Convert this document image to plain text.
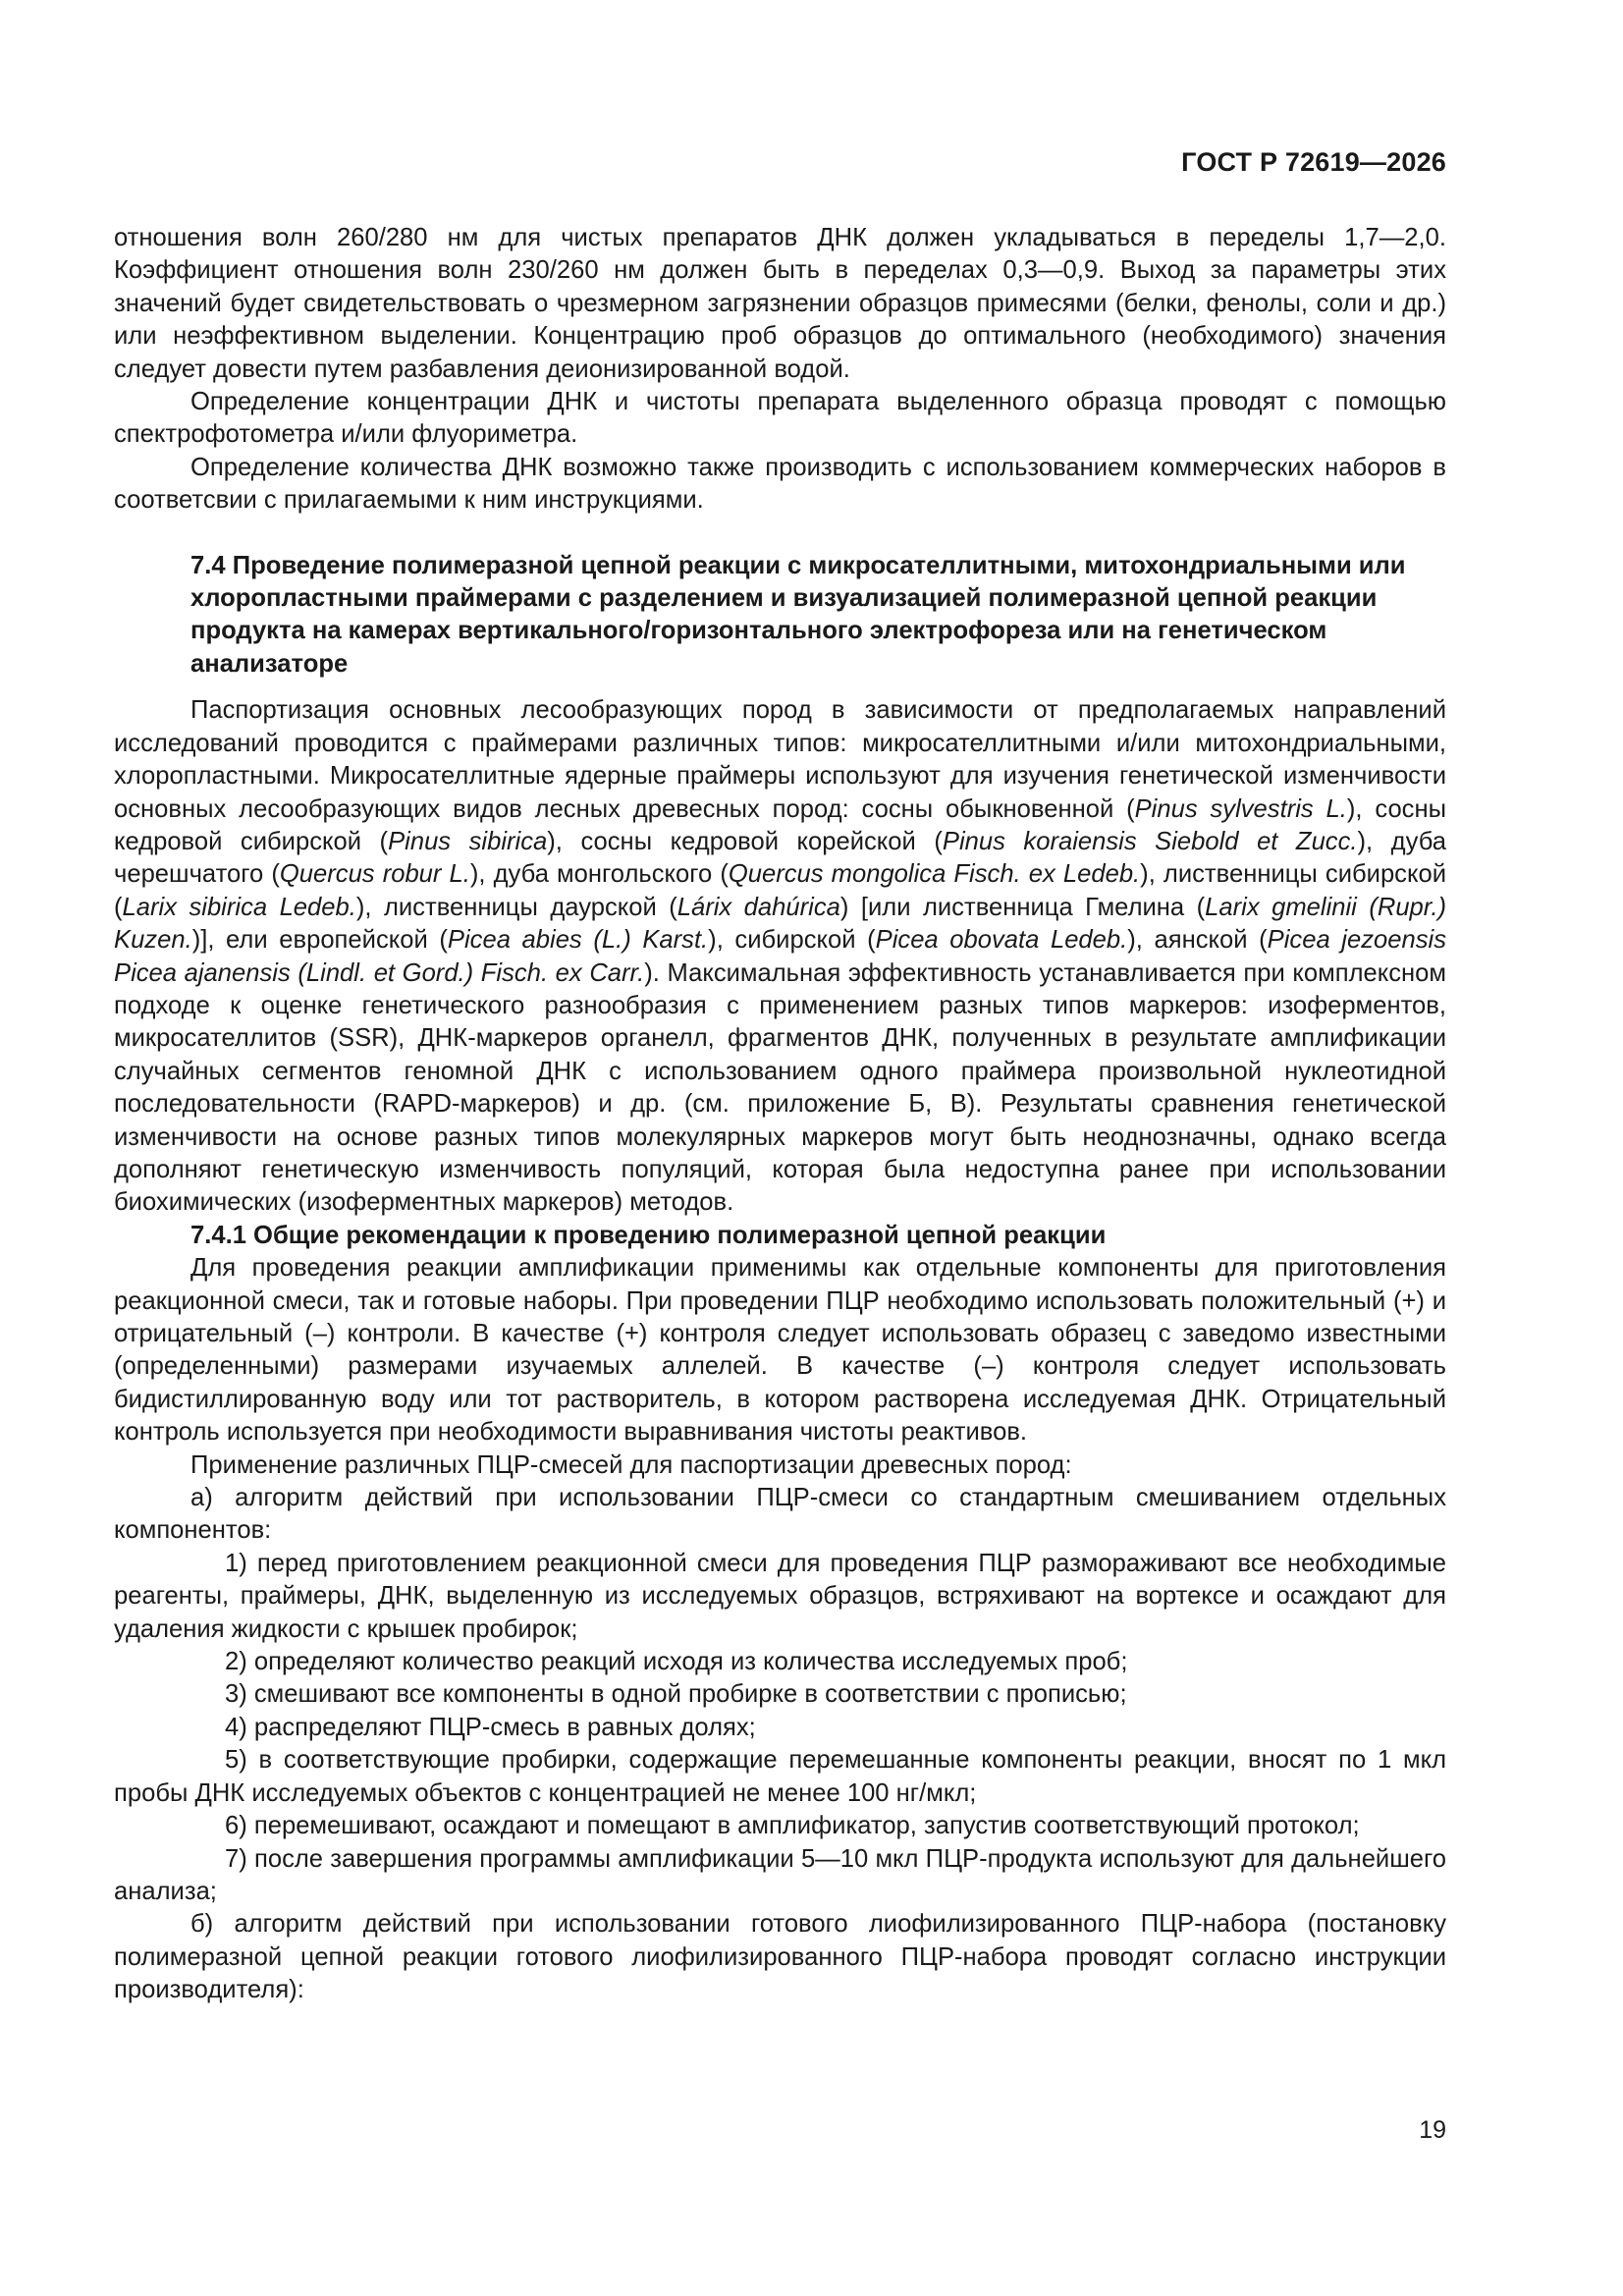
ГОСТ Р 72619—2026

отношения волн 260/280 нм для чистых препаратов ДНК должен укладываться в переделы 1,7—2,0. Коэффициент отношения волн 230/260 нм должен быть в переделах 0,3—0,9. Выход за параметры этих значений будет свидетельствовать о чрезмерном загрязнении образцов примесями (белки, фенолы, соли и др.) или неэффективном выделении. Концентрацию проб образцов до оптимального (необходимого) значения следует довести путем разбавления деионизированной водой.

Определение концентрации ДНК и чистоты препарата выделенного образца проводят с помощью спектрофотометра и/или флуориметра.

Определение количества ДНК возможно также производить с использованием коммерческих наборов в соответсвии с прилагаемыми к ним инструкциями.

7.4 Проведение полимеразной цепной реакции с микросателлитными, митохондриальными или хлоропластными праймерами с разделением и визуализацией полимеразной цепной реакции продукта на камерах вертикального/горизонтального электрофореза или на генетическом анализаторе

Паспортизация основных лесообразующих пород в зависимости от предполагаемых направлений исследований проводится с праймерами различных типов: микросателлитными и/или митохондриальными, хлоропластными. Микросателлитные ядерные праймеры используют для изучения генетической изменчивости основных лесообразующих видов лесных древесных пород: сосны обыкновенной (Pinus sylvestris L.), сосны кедровой сибирской (Pinus sibirica), сосны кедровой корейской (Pinus koraiensis Siebold et Zucc.), дуба черешчатого (Quercus robur L.), дуба монгольского (Quercus mongolica Fisch. ex Ledeb.), лиственницы сибирской (Larix sibirica Ledeb.), лиственницы даурской (Lárix dahúrica) [или лиственница Гмелина (Larix gmelinii (Rupr.) Kuzen.)], ели европейской (Picea abies (L.) Karst.), сибирской (Picea obovata Ledeb.), аянской (Picea jezoensis Picea ajanensis (Lindl. et Gord.) Fisch. ex Carr.). Максимальная эффективность устанавливается при комплексном подходе к оценке генетического разнообразия с применением разных типов маркеров: изоферментов, микросателлитов (SSR), ДНК-маркеров органелл, фрагментов ДНК, полученных в результате амплификации случайных сегментов геномной ДНК с использованием одного праймера произвольной нуклеотидной последовательности (RAPD-маркеров) и др. (см. приложение Б, В). Результаты сравнения генетической изменчивости на основе разных типов молекулярных маркеров могут быть неоднозначны, однако всегда дополняют генетическую изменчивость популяций, которая была недоступна ранее при использовании биохимических (изоферментных маркеров) методов.

7.4.1 Общие рекомендации к проведению полимеразной цепной реакции

Для проведения реакции амплификации применимы как отдельные компоненты для приготовления реакционной смеси, так и готовые наборы. При проведении ПЦР необходимо использовать положительный (+) и отрицательный (–) контроли. В качестве (+) контроля следует использовать образец с заведомо известными (определенными) размерами изучаемых аллелей. В качестве (–) контроля следует использовать бидистиллированную воду или тот растворитель, в котором растворена исследуемая ДНК. Отрицательный контроль используется при необходимости выравнивания чистоты реактивов.

Применение различных ПЦР-смесей для паспортизации древесных пород:

а) алгоритм действий при использовании ПЦР-смеси со стандартным смешиванием отдельных компонентов:

1) перед приготовлением реакционной смеси для проведения ПЦР размораживают все необходимые реагенты, праймеры, ДНК, выделенную из исследуемых образцов, встряхивают на вортексе и осаждают для удаления жидкости с крышек пробирок;

2) определяют количество реакций исходя из количества исследуемых проб;

3) смешивают все компоненты в одной пробирке в соответствии с прописью;

4) распределяют ПЦР-смесь в равных долях;

5) в соответствующие пробирки, содержащие перемешанные компоненты реакции, вносят по 1 мкл пробы ДНК исследуемых объектов с концентрацией не менее 100 нг/мкл;

6) перемешивают, осаждают и помещают в амплификатор, запустив соответствующий протокол;

7) после завершения программы амплификации 5—10 мкл ПЦР-продукта используют для дальнейшего анализа;

б) алгоритм действий при использовании готового лиофилизированного ПЦР-набора (постановку полимеразной цепной реакции готового лиофилизированного ПЦР-набора проводят согласно инструкции производителя):

19
